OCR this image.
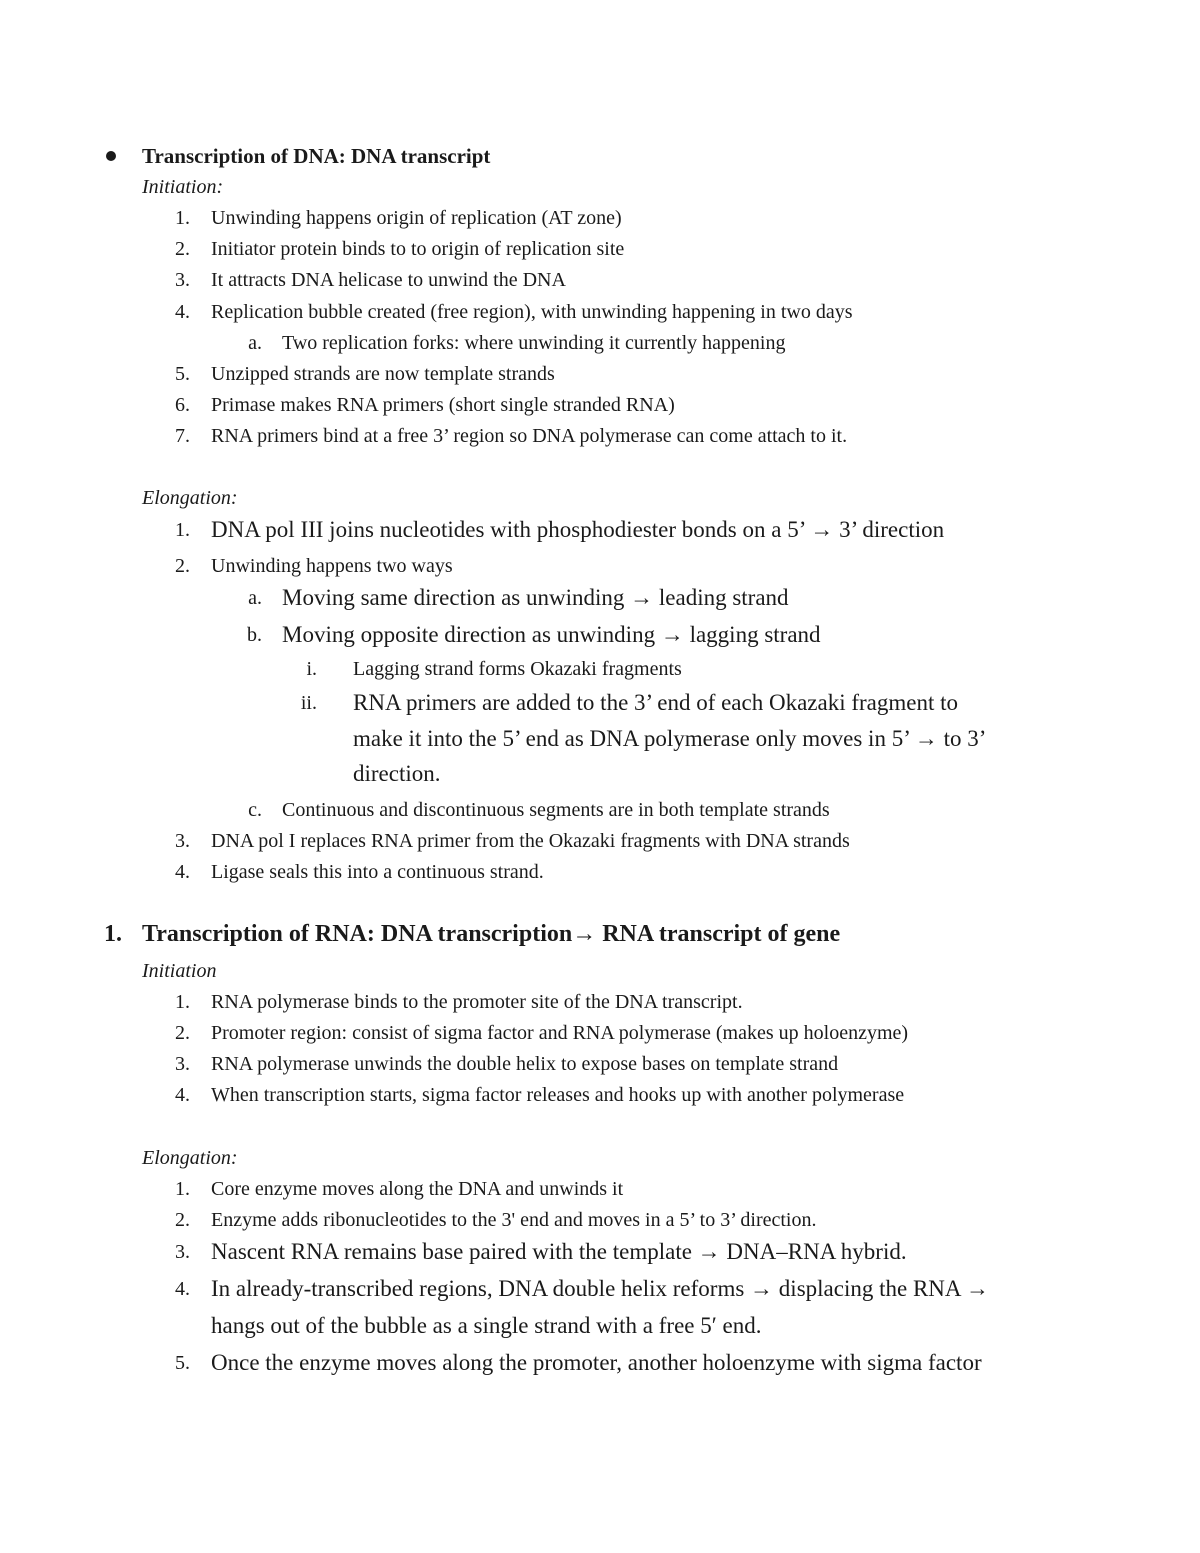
Transcription of DNA: DNA transcript
Initiation:
1. Unwinding happens origin of replication (AT zone)
2. Initiator protein binds to to origin of replication site
3. It attracts DNA helicase to unwind the DNA
4. Replication bubble created (free region), with unwinding happening in two days
a. Two replication forks: where unwinding it currently happening
5. Unzipped strands are now template strands
6. Primase makes RNA primers (short single stranded RNA)
7. RNA primers bind at a free 3’ region so DNA polymerase can come attach to it.
Elongation:
1. DNA pol III joins nucleotides with phosphodiester bonds on a 5’ → 3’ direction
2. Unwinding happens two ways
a. Moving same direction as unwinding → leading strand
b. Moving opposite direction as unwinding → lagging strand
i. Lagging strand forms Okazaki fragments
ii. RNA primers are added to the 3’ end of each Okazaki fragment to
make it into the 5’ end as DNA polymerase only moves in 5’ → to 3’
direction.
c. Continuous and discontinuous segments are in both template strands
3. DNA pol I replaces RNA primer from the Okazaki fragments with DNA strands
4. Ligase seals this into a continuous strand.
1. Transcription of RNA: DNA transcription→ RNA transcript of gene
Initiation
1. RNA polymerase binds to the promoter site of the DNA transcript.
2. Promoter region: consist of sigma factor and RNA polymerase (makes up holoenzyme)
3. RNA polymerase unwinds the double helix to expose bases on template strand
4. When transcription starts, sigma factor releases and hooks up with another polymerase
Elongation:
1. Core enzyme moves along the DNA and unwinds it
2. Enzyme adds ribonucleotides to the 3' end and moves in a 5’ to 3’ direction.
3. Nascent RNA remains base paired with the template → DNA–RNA hybrid.
4. In already-transcribed regions, DNA double helix reforms → displacing the RNA →
hangs out of the bubble as a single strand with a free 5′ end.
5. Once the enzyme moves along the promoter, another holoenzyme with sigma factor
